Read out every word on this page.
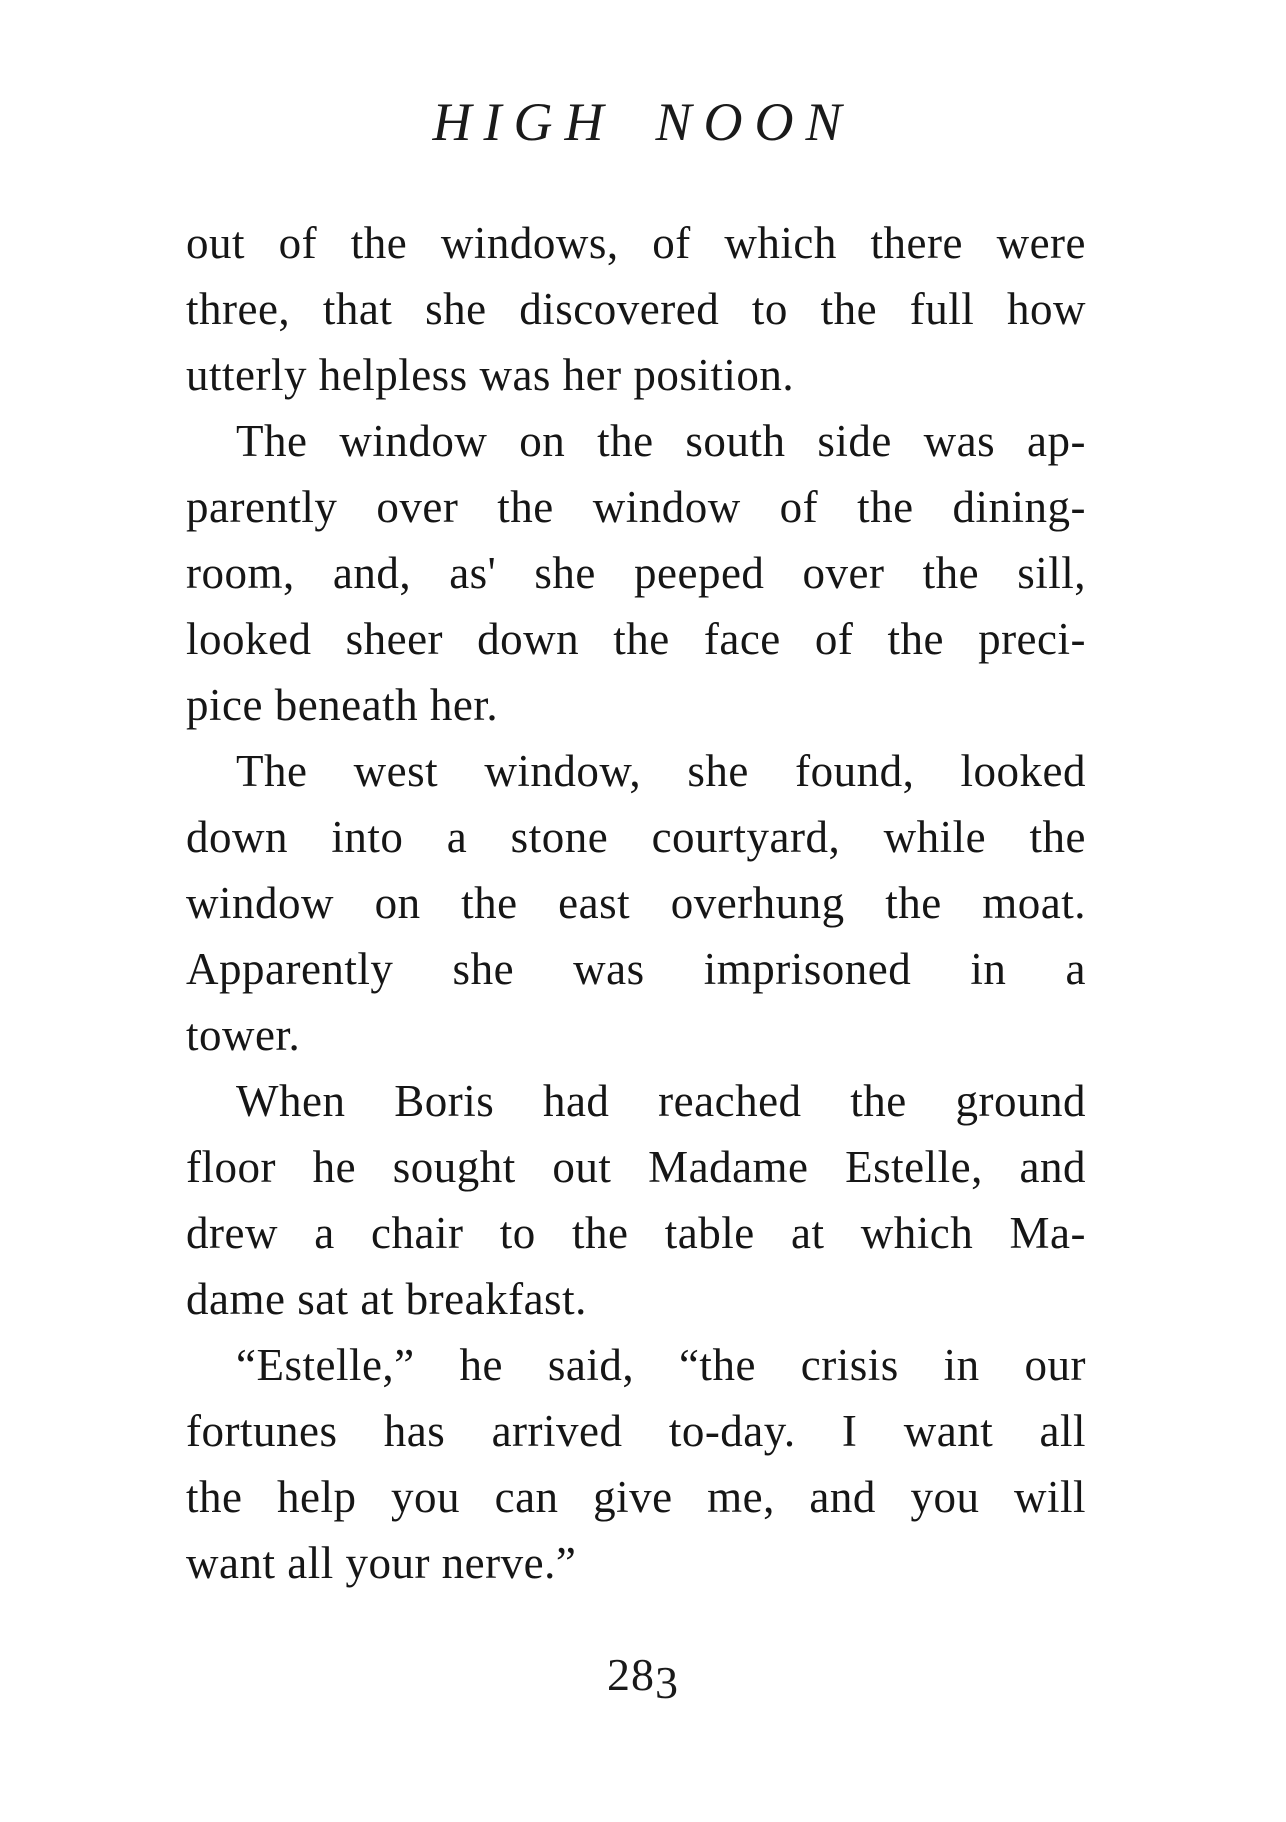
HIGH NOON
out of the windows, of which there were
three, that she discovered to the full how
utterly helpless was her position.
The window on the south side was ap-
parently over the window of the dining-
room, and, as' she peeped over the sill,
looked sheer down the face of the preci-
pice beneath her.
The west window, she found, looked
down into a stone courtyard, while the
window on the east overhung the moat.
Apparently she was imprisoned in a
tower.
When Boris had reached the ground
floor he sought out Madame Estelle, and
drew a chair to the table at which Ma-
dame sat at breakfast.
“Estelle,” he said, “the crisis in our
fortunes has arrived to-day. I want all
the help you can give me, and you will
want all your nerve.”
283
